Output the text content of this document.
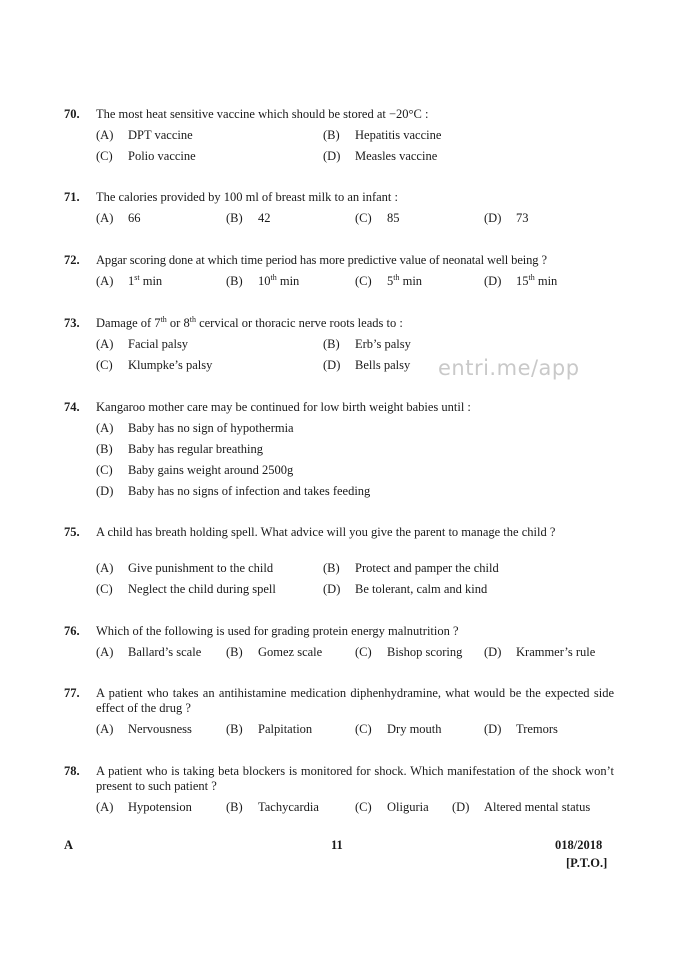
70. The most heat sensitive vaccine which should be stored at −20°C :
(A) DPT vaccine	(B) Hepatitis vaccine
(C) Polio vaccine	(D) Measles vaccine
71. The calories provided by 100 ml of breast milk to an infant :
(A) 66	(B) 42	(C) 85	(D) 73
72. Apgar scoring done at which time period has more predictive value of neonatal well being ?
(A) 1st min	(B) 10th min	(C) 5th min	(D) 15th min
73. Damage of 7th or 8th cervical or thoracic nerve roots leads to :
(A) Facial palsy	(B) Erb’s palsy
(C) Klumpke’s palsy	(D) Bells palsy entri.me/app
74. Kangaroo mother care may be continued for low birth weight babies until :
(A) Baby has no sign of hypothermia
(B) Baby has regular breathing
(C) Baby gains weight around 2500g
(D) Baby has no signs of infection and takes feeding
75. A child has breath holding spell. What advice will you give the parent to manage the child ?
(A) Give punishment to the child	(B) Protect and pamper the child
(C) Neglect the child during spell	(D) Be tolerant, calm and kind
76. Which of the following is used for grading protein energy malnutrition ?
(A) Ballard’s scale (B) Gomez scale	(C) Bishop scoring (D) Krammer’s rule
77. A patient who takes an antihistamine medication diphenhydramine, what would be the expected side effect of the drug ?
(A) Nervousness	(B) Palpitation	(C) Dry mouth	(D) Tremors
78. A patient who is taking beta blockers is monitored for shock. Which manifestation of the shock won’t present to such patient ?
(A) Hypotension	(B) Tachycardia	(C) Oliguria (D) Altered mental status
A	11	018/2018
[P.T.O.]
